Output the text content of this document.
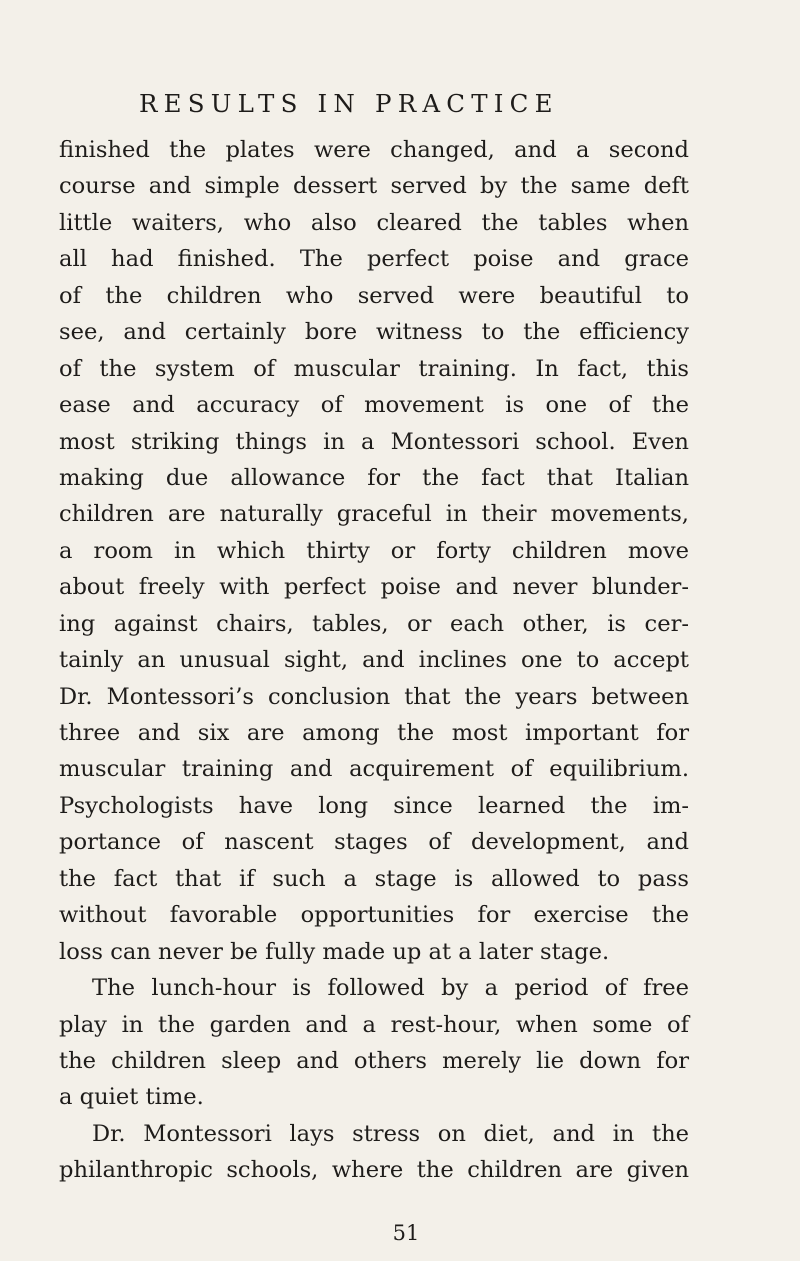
RESULTS IN PRACTICE
finished the plates were changed, and a second
course and simple dessert served by the same deft
little waiters, who also cleared the tables when
all had finished. The perfect poise and grace
of the children who served were beautiful to
see, and certainly bore witness to the efficiency
of the system of muscular training. In fact, this
ease and accuracy of movement is one of the
most striking things in a Montessori school. Even
making due allowance for the fact that Italian
children are naturally graceful in their movements,
a room in which thirty or forty children move
about freely with perfect poise and never blunder-
ing against chairs, tables, or each other, is cer-
tainly an unusual sight, and inclines one to accept
Dr. Montessori’s conclusion that the years between
three and six are among the most important for
muscular training and acquirement of equilibrium.
Psychologists have long since learned the im-
portance of nascent stages of development, and
the fact that if such a stage is allowed to pass
without favorable opportunities for exercise the
loss can never be fully made up at a later stage.
The lunch-hour is followed by a period of free
play in the garden and a rest-hour, when some of
the children sleep and others merely lie down for
a quiet time.
Dr. Montessori lays stress on diet, and in the
philanthropic schools, where the children are given
51
